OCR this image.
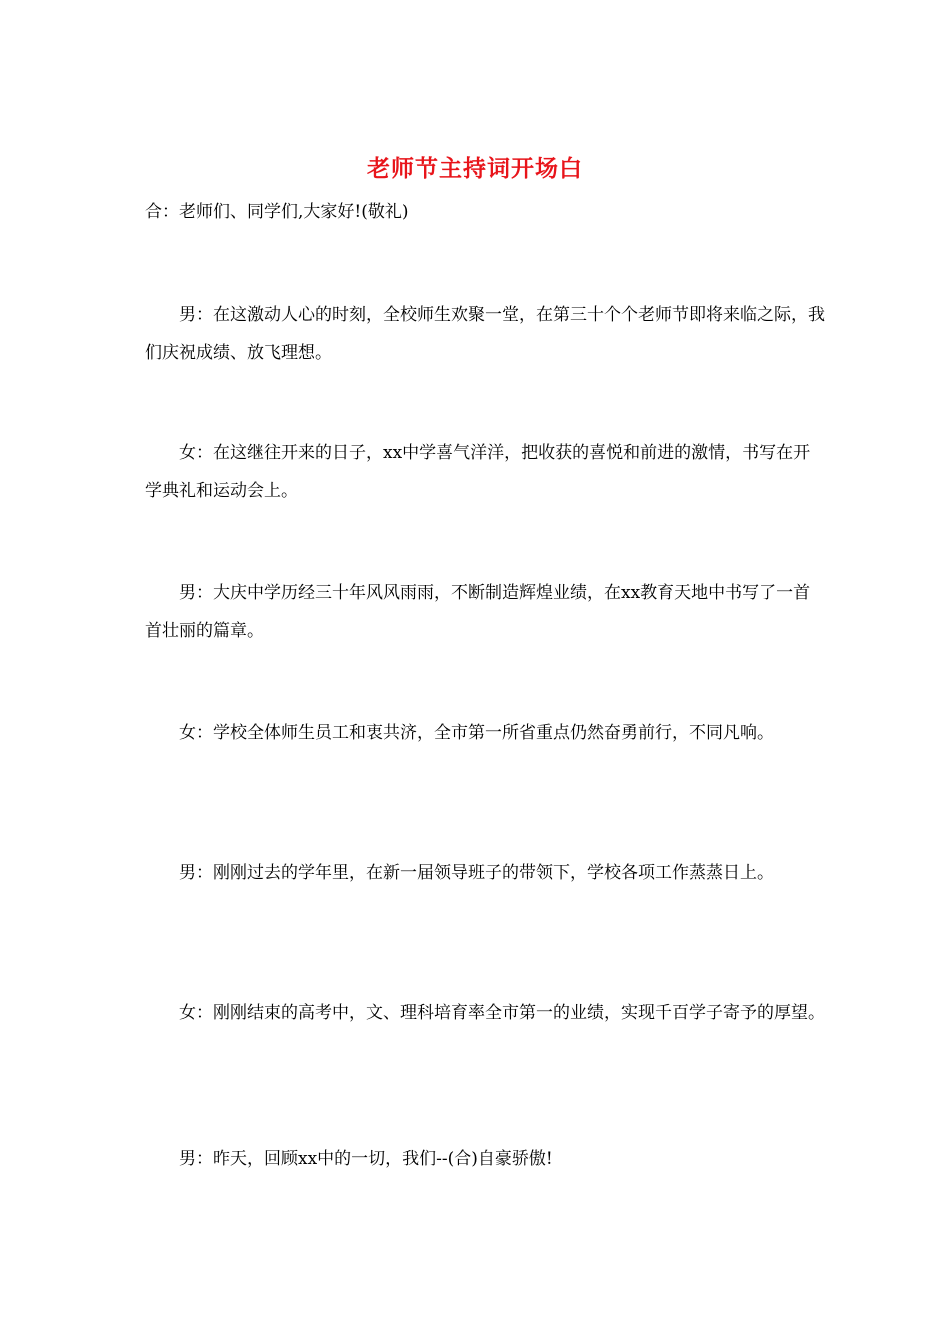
老师节主持词开场白
合：老师们、同学们,大家好!(敬礼)

男：在这激动人心的时刻，全校师生欢聚一堂，在第三十个个老师节即将来临之际，我们庆祝成绩、放飞理想。

女：在这继往开来的日子，xx中学喜气洋洋，把收获的喜悦和前进的激情，书写在开学典礼和运动会上。

男：大庆中学历经三十年风风雨雨，不断制造辉煌业绩，在xx教育天地中书写了一首首壮丽的篇章。

女：学校全体师生员工和衷共济，全市第一所省重点仍然奋勇前行，不同凡响。

男：刚刚过去的学年里，在新一届领导班子的带领下，学校各项工作蒸蒸日上。

女：刚刚结束的高考中，文、理科培育率全市第一的业绩，实现千百学子寄予的厚望。

男：昨天，回顾xx中的一切，我们--(合)自豪骄傲!
